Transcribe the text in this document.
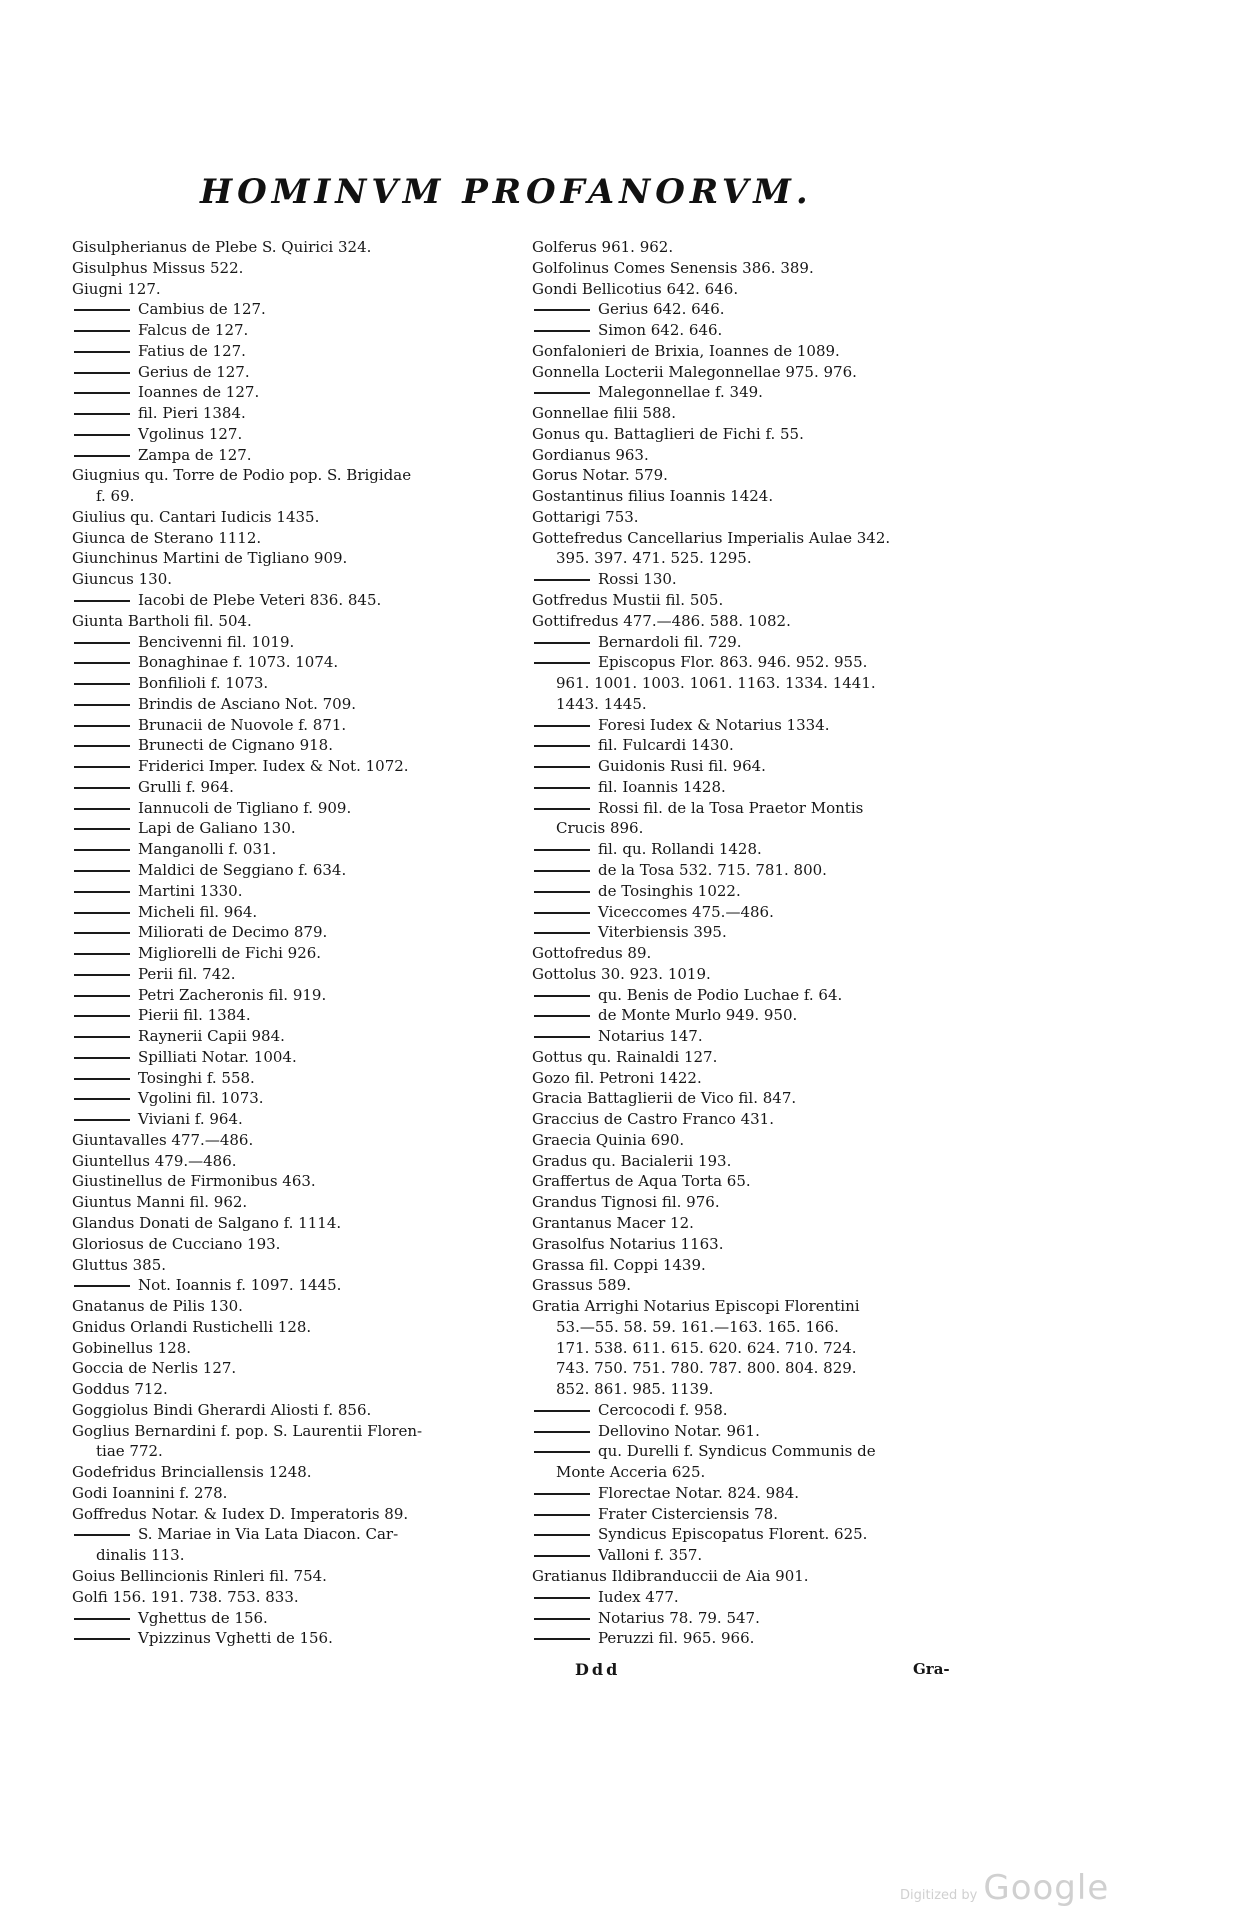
HOMINVM PROFANORVM.
Gisulpherianus de Plebe S. Quirici 324.
Gisulphus Missus 522.
Giugni 127.
Cambius de 127.
Falcus de 127.
Fatius de 127.
Gerius de 127.
Ioannes de 127.
fil. Pieri 1384.
Vgolinus 127.
Zampa de 127.
Giugnius qu. Torre de Podio pop. S. Brigidae
f. 69.
Giulius qu. Cantari Iudicis 1435.
Giunca de Sterano 1112.
Giunchinus Martini de Tigliano 909.
Giuncus 130.
Iacobi de Plebe Veteri 836. 845.
Giunta Bartholi fil. 504.
Bencivenni fil. 1019.
Bonaghinae f. 1073. 1074.
Bonfilioli f. 1073.
Brindis de Asciano Not. 709.
Brunacii de Nuovole f. 871.
Brunecti de Cignano 918.
Friderici Imper. Iudex & Not. 1072.
Grulli f. 964.
Iannucoli de Tigliano f. 909.
Lapi de Galiano 130.
Manganolli f. 031.
Maldici de Seggiano f. 634.
Martini 1330.
Micheli fil. 964.
Miliorati de Decimo 879.
Migliorelli de Fichi 926.
Perii fil. 742.
Petri Zacheronis fil. 919.
Pierii fil. 1384.
Raynerii Capii 984.
Spilliati Notar. 1004.
Tosinghi f. 558.
Vgolini fil. 1073.
Viviani f. 964.
Giuntavalles 477.—486.
Giuntellus 479.—486.
Giustinellus de Firmonibus 463.
Giuntus Manni fil. 962.
Glandus Donati de Salgano f. 1114.
Gloriosus de Cucciano 193.
Gluttus 385.
Not. Ioannis f. 1097. 1445.
Gnatanus de Pilis 130.
Gnidus Orlandi Rustichelli 128.
Gobinellus 128.
Goccia de Nerlis 127.
Goddus 712.
Goggiolus Bindi Gherardi Aliosti f. 856.
Goglius Bernardini f. pop. S. Laurentii Floren-
tiae 772.
Godefridus Brinciallensis 1248.
Godi Ioannini f. 278.
Goffredus Notar. & Iudex D. Imperatoris 89.
S. Mariae in Via Lata Diacon. Car-
dinalis 113.
Goius Bellincionis Rinleri fil. 754.
Golfi 156. 191. 738. 753. 833.
Vghettus de 156.
Vpizzinus Vghetti de 156.
Golferus 961. 962.
Golfolinus Comes Senensis 386. 389.
Gondi Bellicotius 642. 646.
Gerius 642. 646.
Simon 642. 646.
Gonfalonieri de Brixia, Ioannes de 1089.
Gonnella Locterii Malegonnellae 975. 976.
Malegonnellae f. 349.
Gonnellae filii 588.
Gonus qu. Battaglieri de Fichi f. 55.
Gordianus 963.
Gorus Notar. 579.
Gostantinus filius Ioannis 1424.
Gottarigi 753.
Gottefredus Cancellarius Imperialis Aulae 342.
395. 397. 471. 525. 1295.
Rossi 130.
Gotfredus Mustii fil. 505.
Gottifredus 477.—486. 588. 1082.
Bernardoli fil. 729.
Episcopus Flor. 863. 946. 952. 955.
961. 1001. 1003. 1061. 1163. 1334. 1441.
1443. 1445.
Foresi Iudex & Notarius 1334.
fil. Fulcardi 1430.
Guidonis Rusi fil. 964.
fil. Ioannis 1428.
Rossi fil. de la Tosa Praetor Montis
Crucis 896.
fil. qu. Rollandi 1428.
de la Tosa 532. 715. 781. 800.
de Tosinghis 1022.
Viceccomes 475.—486.
Viterbiensis 395.
Gottofredus 89.
Gottolus 30. 923. 1019.
qu. Benis de Podio Luchae f. 64.
de Monte Murlo 949. 950.
Notarius 147.
Gottus qu. Rainaldi 127.
Gozo fil. Petroni 1422.
Gracia Battaglierii de Vico fil. 847.
Graccius de Castro Franco 431.
Graecia Quinia 690.
Gradus qu. Bacialerii 193.
Graffertus de Aqua Torta 65.
Grandus Tignosi fil. 976.
Grantanus Macer 12.
Grasolfus Notarius 1163.
Grassa fil. Coppi 1439.
Grassus 589.
Gratia Arrighi Notarius Episcopi Florentini
53.—55. 58. 59. 161.—163. 165. 166.
171. 538. 611. 615. 620. 624. 710. 724.
743. 750. 751. 780. 787. 800. 804. 829.
852. 861. 985. 1139.
Cercocodi f. 958.
Dellovino Notar. 961.
qu. Durelli f. Syndicus Communis de
Monte Acceria 625.
Florectae Notar. 824. 984.
Frater Cisterciensis 78.
Syndicus Episcopatus Florent. 625.
Valloni f. 357.
Gratianus Ildibranduccii de Aia 901.
Iudex 477.
Notarius 78. 79. 547.
Peruzzi fil. 965. 966.
Ddd	Gra-
Digitized by Google
